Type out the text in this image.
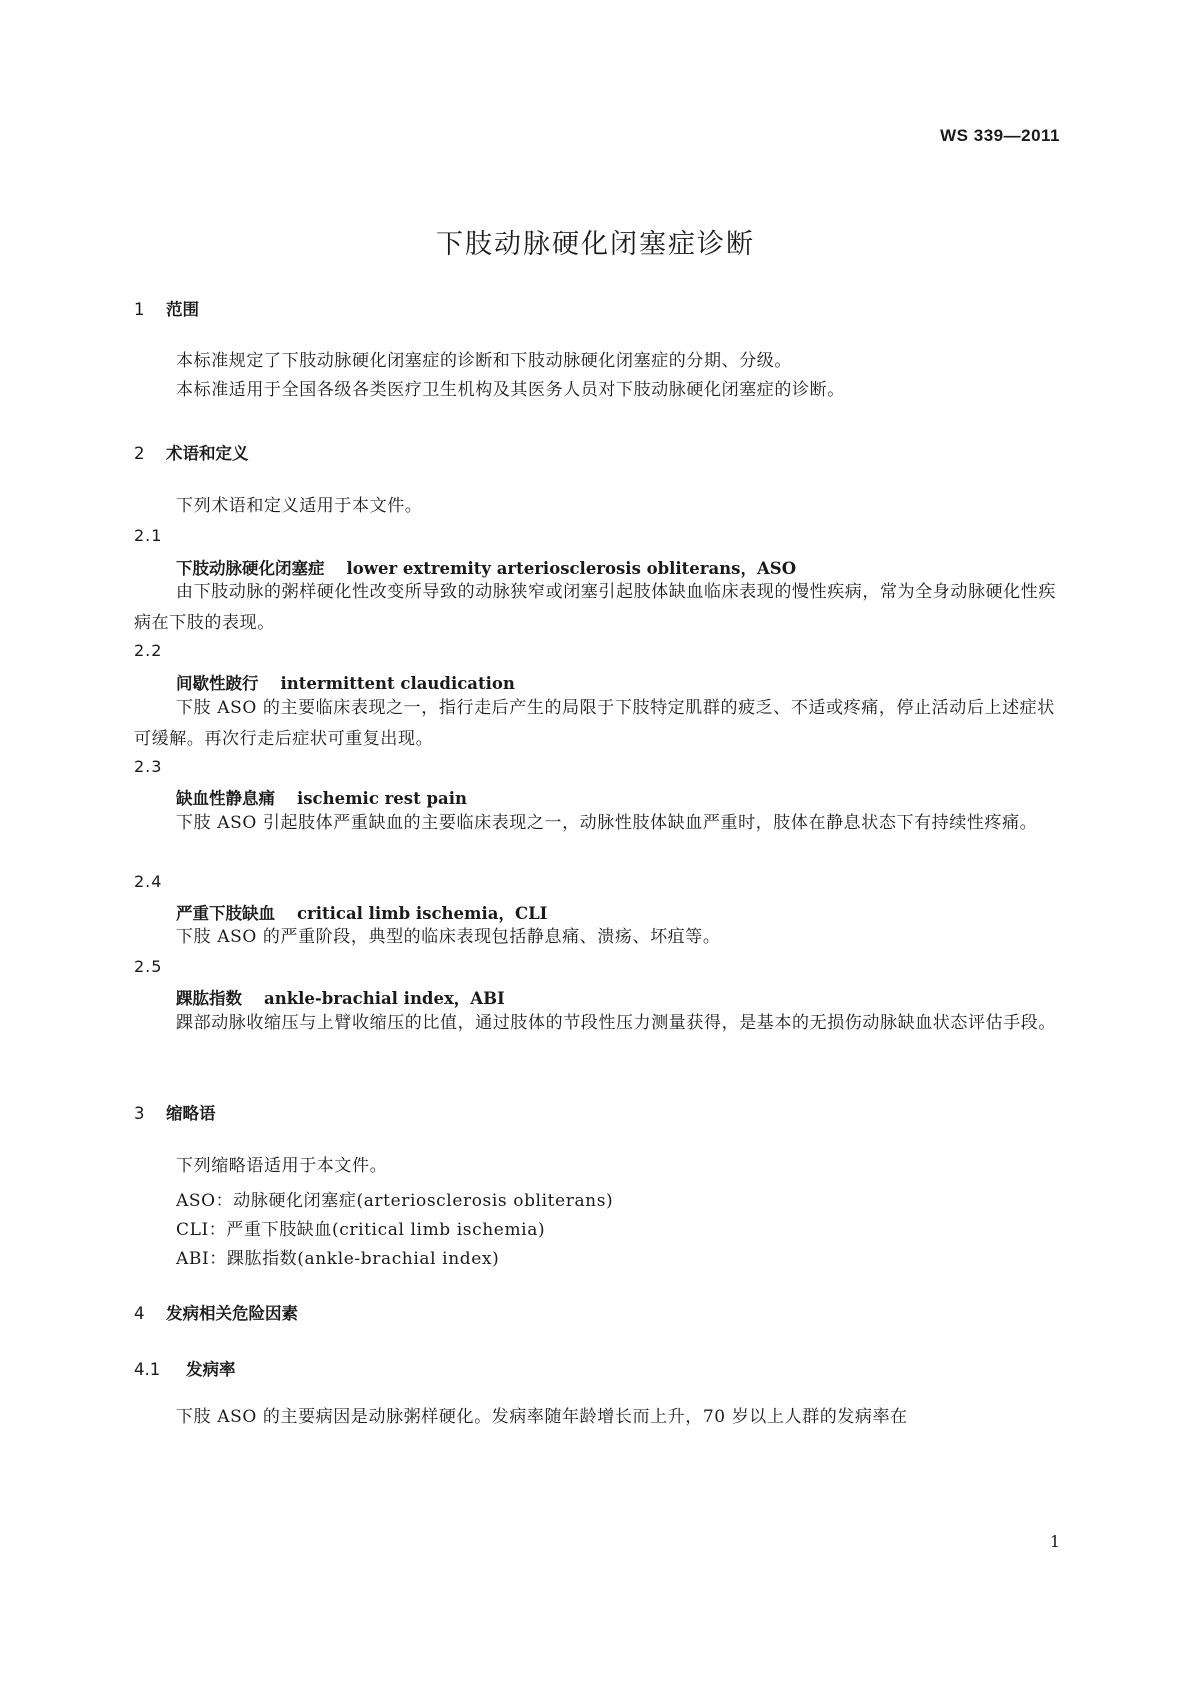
WS 339—2011
下肢动脉硬化闭塞症诊断
1 范围
本标准规定了下肢动脉硬化闭塞症的诊断和下肢动脉硬化闭塞症的分期、分级。
本标准适用于全国各级各类医疗卫生机构及其医务人员对下肢动脉硬化闭塞症的诊断。
2 术语和定义
下列术语和定义适用于本文件。
2.1
下肢动脉硬化闭塞症 lower extremity arteriosclerosis obliterans，ASO
由下肢动脉的粥样硬化性改变所导致的动脉狭窄或闭塞引起肢体缺血临床表现的慢性疾病，常为全身动脉硬化性疾病在下肢的表现。
2.2
间歇性跛行 intermittent claudication
下肢 ASO 的主要临床表现之一，指行走后产生的局限于下肢特定肌群的疲乏、不适或疼痛，停止活动后上述症状可缓解。再次行走后症状可重复出现。
2.3
缺血性静息痛 ischemic rest pain
下肢 ASO 引起肢体严重缺血的主要临床表现之一，动脉性肢体缺血严重时，肢体在静息状态下有持续性疼痛。
2.4
严重下肢缺血 critical limb ischemia，CLI
下肢 ASO 的严重阶段，典型的临床表现包括静息痛、溃疡、坏疽等。
2.5
踝肱指数 ankle-brachial index，ABI
踝部动脉收缩压与上臂收缩压的比值，通过肢体的节段性压力测量获得，是基本的无损伤动脉缺血状态评估手段。
3 缩略语
下列缩略语适用于本文件。
ASO：动脉硬化闭塞症(arteriosclerosis obliterans)
CLI：严重下肢缺血(critical limb ischemia)
ABI：踝肱指数(ankle-brachial index)
4 发病相关危险因素
4.1 发病率
下肢 ASO 的主要病因是动脉粥样硬化。发病率随年龄增长而上升，70 岁以上人群的发病率在
1
